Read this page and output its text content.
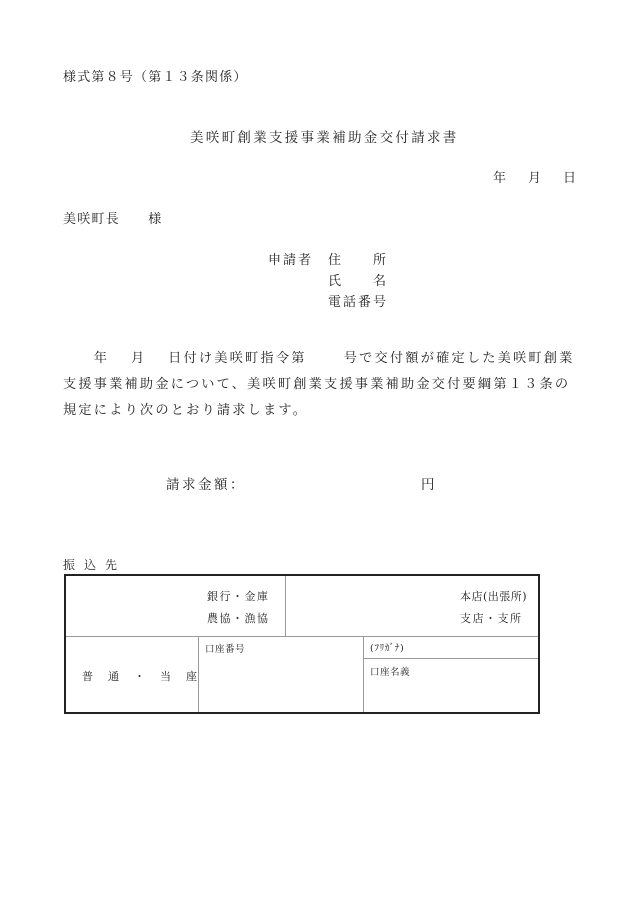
様式第８号（第１３条関係）
美咲町創業支援事業補助金交付請求書
年 月 日
美咲町長　　様
申請者 住　　所
氏　　名
電話番号
　　年　 月　 日付け美咲町指令第　　 号で交付額が確定した美咲町創業支援事業補助金について、美咲町創業支援事業補助金交付要綱第１３条の規定により次のとおり請求します。
請求金額：	円
振込先
銀行・金庫
農協・漁協
本店(出張所)
支店・支所
普　通　・　当　座
口座番号	(ﾌﾘｶﾞﾅ)
口座名義
